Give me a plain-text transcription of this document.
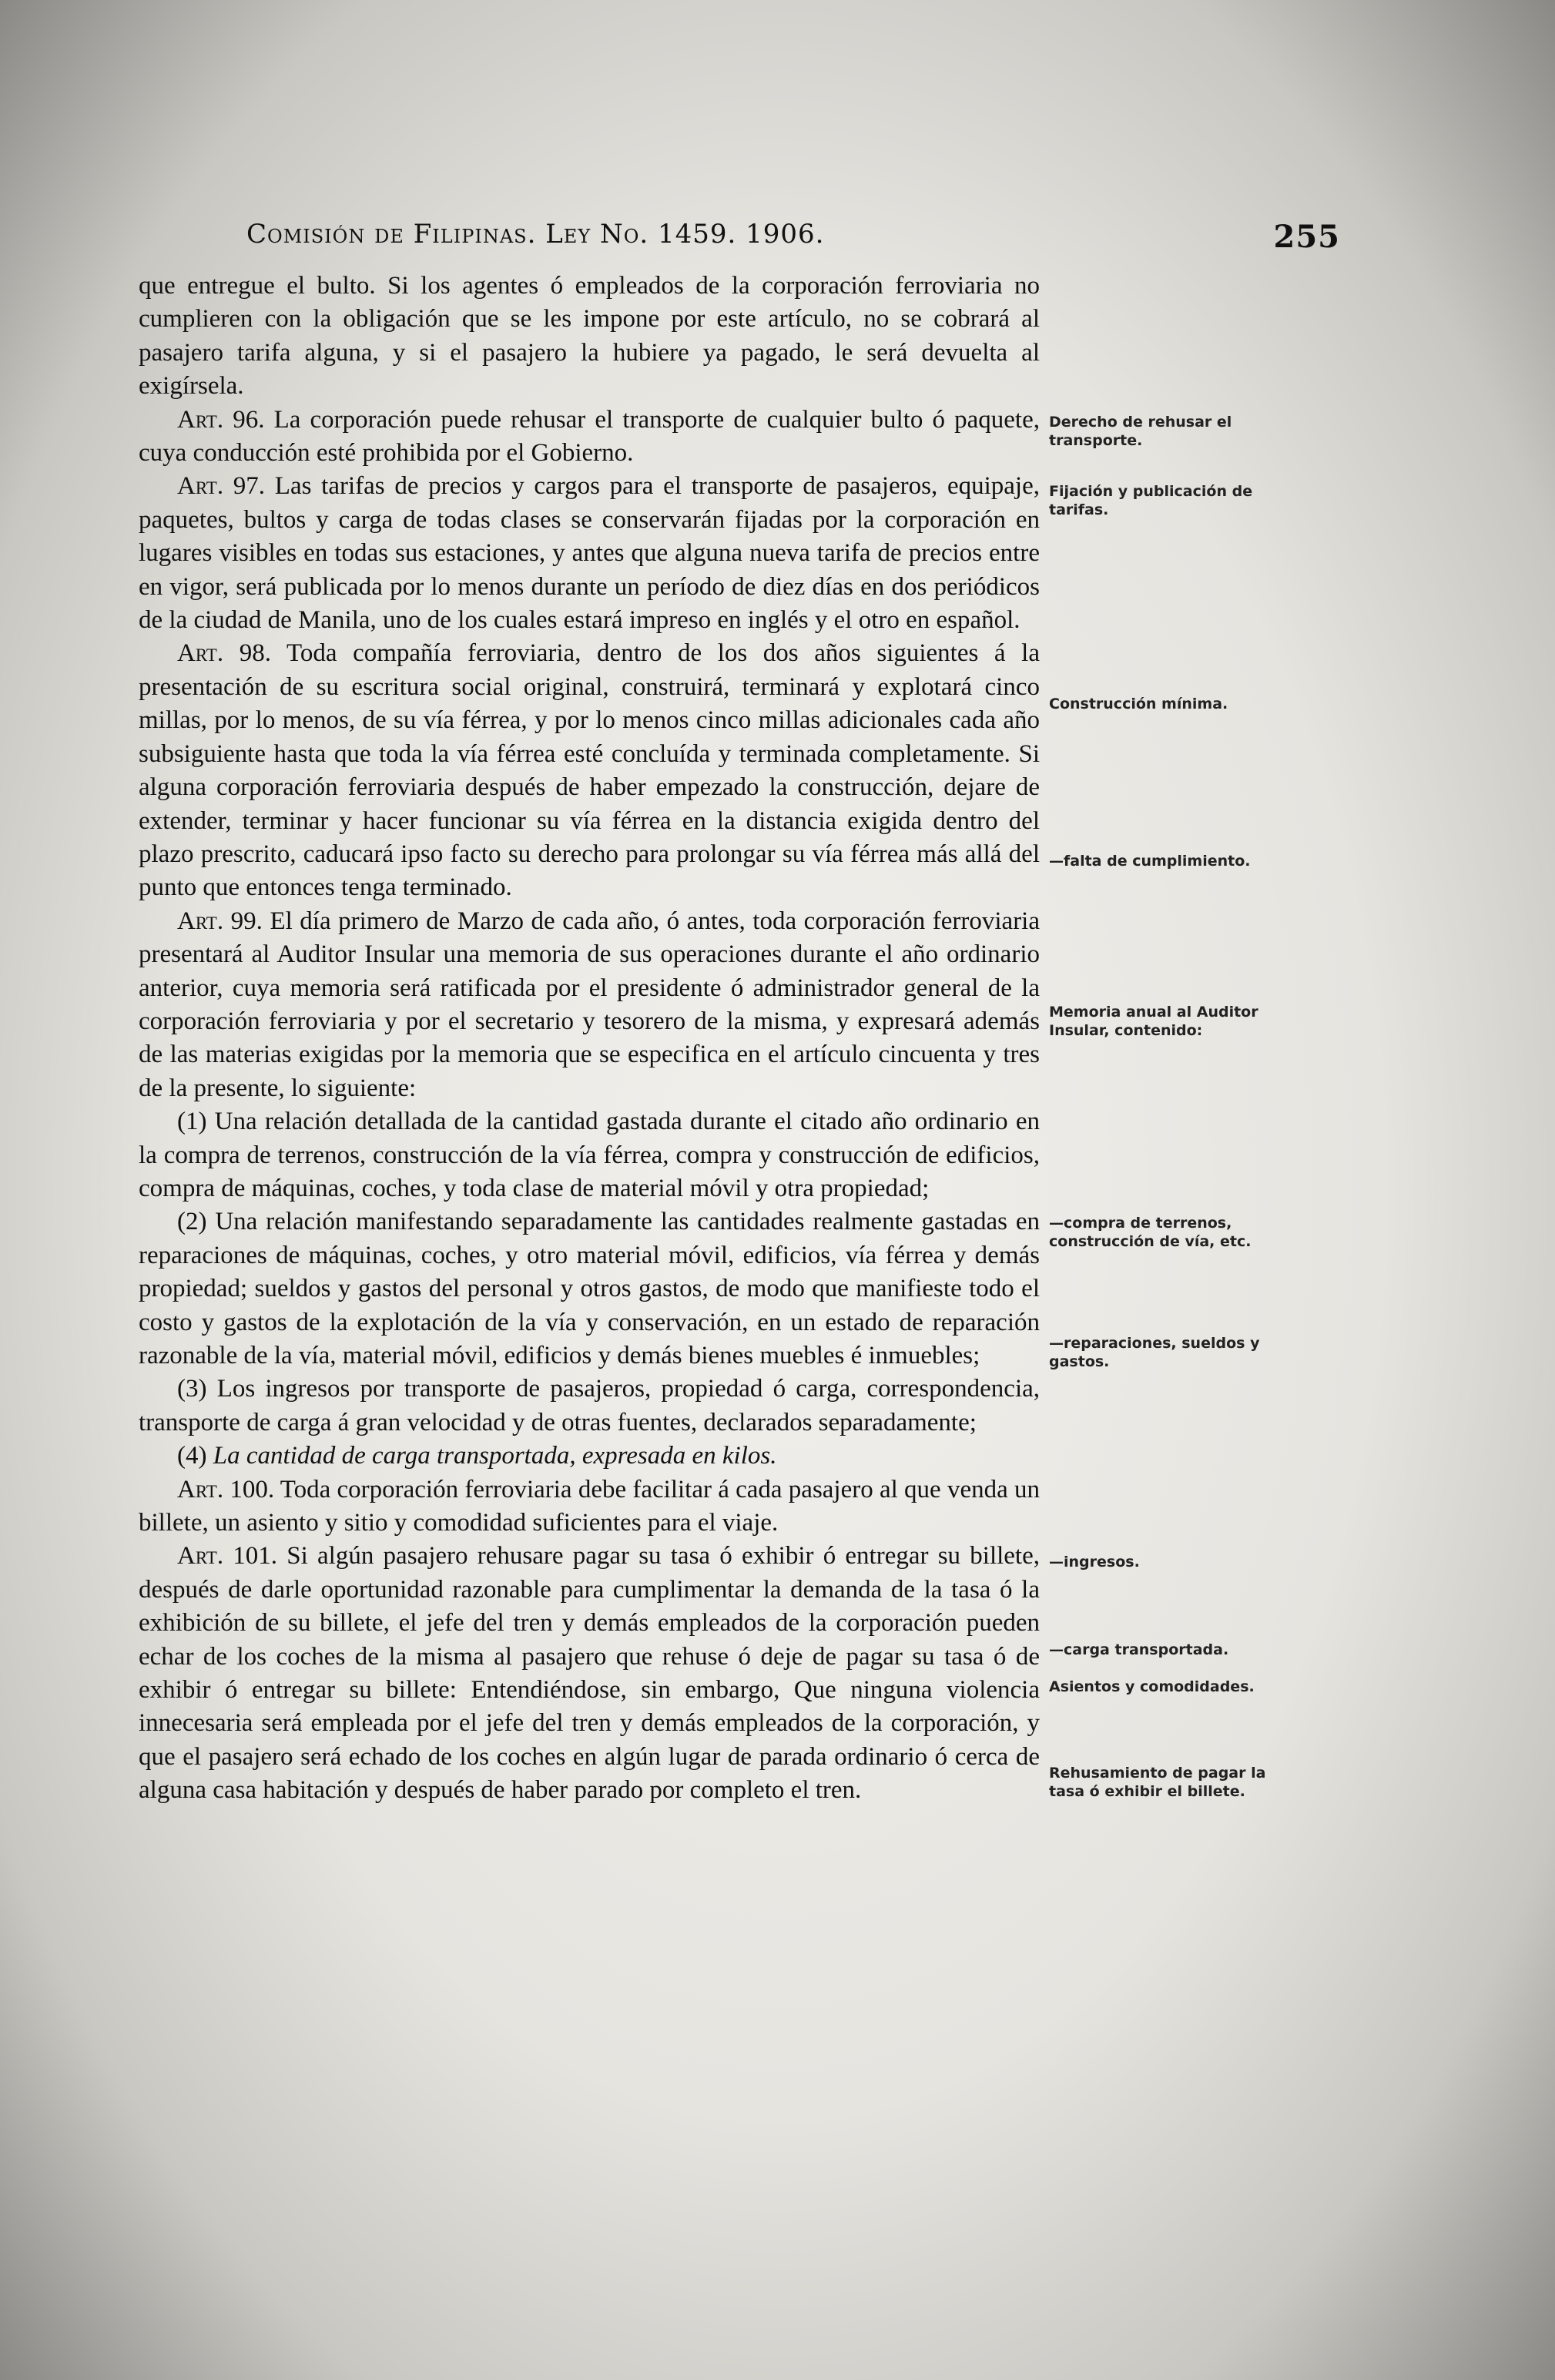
Comisión de Filipinas. Ley No. 1459. 1906.	255

que entregue el bulto. Si los agentes ó empleados de la corporación ferroviaria no cumplieren con la obligación que se les impone por este artículo, no se cobrará al pasajero tarifa alguna, y si el pasajero la hubiere ya pagado, le será devuelta al exigírsela.

Art. 96. La corporación puede rehusar el transporte de cualquier bulto ó paquete, cuya conducción esté prohibida por el Gobierno.

Art. 97. Las tarifas de precios y cargos para el transporte de pasajeros, equipaje, paquetes, bultos y carga de todas clases se conservarán fijadas por la corporación en lugares visibles en todas sus estaciones, y antes que alguna nueva tarifa de precios entre en vigor, será publicada por lo menos durante un período de diez días en dos periódicos de la ciudad de Manila, uno de los cuales estará impreso en inglés y el otro en español.

Art. 98. Toda compañía ferroviaria, dentro de los dos años siguientes á la presentación de su escritura social original, construirá, terminará y explotará cinco millas, por lo menos, de su vía férrea, y por lo menos cinco millas adicionales cada año subsiguiente hasta que toda la vía férrea esté concluída y terminada completamente. Si alguna corporación ferroviaria después de haber empezado la construcción, dejare de extender, terminar y hacer funcionar su vía férrea en la distancia exigida dentro del plazo prescrito, caducará ipso facto su derecho para prolongar su vía férrea más allá del punto que entonces tenga terminado.

Art. 99. El día primero de Marzo de cada año, ó antes, toda corporación ferroviaria presentará al Auditor Insular una memoria de sus operaciones durante el año ordinario anterior, cuya memoria será ratificada por el presidente ó administrador general de la corporación ferroviaria y por el secretario y tesorero de la misma, y expresará además de las materias exigidas por la memoria que se especifica en el artículo cincuenta y tres de la presente, lo siguiente:

(1) Una relación detallada de la cantidad gastada durante el citado año ordinario en la compra de terrenos, construcción de la vía férrea, compra y construcción de edificios, compra de máquinas, coches, y toda clase de material móvil y otra propiedad;

(2) Una relación manifestando separadamente las cantidades realmente gastadas en reparaciones de máquinas, coches, y otro material móvil, edificios, vía férrea y demás propiedad; sueldos y gastos del personal y otros gastos, de modo que manifieste todo el costo y gastos de la explotación de la vía y conservación, en un estado de reparación razonable de la vía, material móvil, edificios y demás bienes muebles é inmuebles;

(3) Los ingresos por transporte de pasajeros, propiedad ó carga, correspondencia, transporte de carga á gran velocidad y de otras fuentes, declarados separadamente;

(4) La cantidad de carga transportada, expresada en kilos.

Art. 100. Toda corporación ferroviaria debe facilitar á cada pasajero al que venda un billete, un asiento y sitio y comodidad suficientes para el viaje.

Art. 101. Si algún pasajero rehusare pagar su tasa ó exhibir ó entregar su billete, después de darle oportunidad razonable para cumplimentar la demanda de la tasa ó la exhibición de su billete, el jefe del tren y demás empleados de la corporación pueden echar de los coches de la misma al pasajero que rehuse ó deje de pagar su tasa ó de exhibir ó entregar su billete: Entendiéndose, sin embargo, Que ninguna violencia innecesaria será empleada por el jefe del tren y demás empleados de la corporación, y que el pasajero será echado de los coches en algún lugar de parada ordinario ó cerca de alguna casa habitación y después de haber parado por completo el tren.

Derecho de rehusar el transporte.
Fijación y publicación de tarifas.
Construcción mínima.
—falta de cumplimiento.
Memoria anual al Auditor Insular, contenido:
—compra de terrenos, construcción de vía, etc.
—reparaciones, sueldos y gastos.
—ingresos.
—carga transportada.
Asientos y comodidades.
Rehusamiento de pagar la tasa ó exhibir el billete.
